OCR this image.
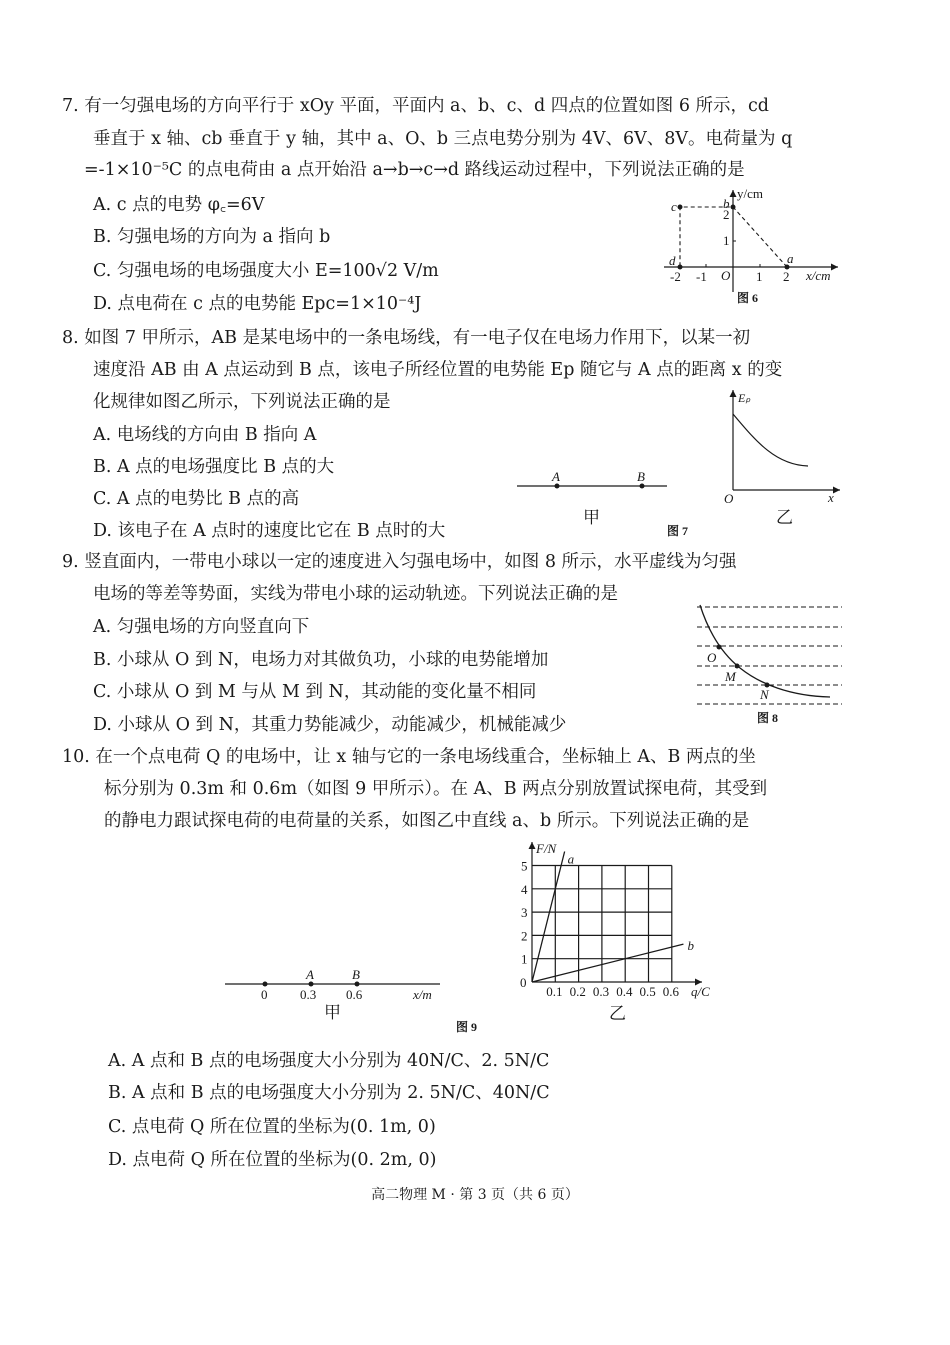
7. 有一匀强电场的方向平行于 xOy 平面，平面内 a、b、c、d 四点的位置如图 6 所示，cd
垂直于 x 轴、cb 垂直于 y 轴，其中 a、O、b 三点电势分别为 4V、6V、8V。电荷量为 q
=-1×10⁻⁵C 的点电荷由 a 点开始沿 a→b→c→d 路线运动过程中，下列说法正确的是
A. c 点的电势 φ꜀=6V
B. 匀强电场的方向为 a 指向 b
C. 匀强电场的电场强度大小 E=100√2 V/m
D. 点电荷在 c 点的电势能 Epc=1×10⁻⁴J
8. 如图 7 甲所示，AB 是某电场中的一条电场线，有一电子仅在电场力作用下，以某一初
速度沿 AB 由 A 点运动到 B 点，该电子所经位置的电势能 Ep 随它与 A 点的距离 x 的变
化规律如图乙所示，下列说法正确的是
A. 电场线的方向由 B 指向 A
B. A 点的电场强度比 B 点的大
C. A 点的电势比 B 点的高
D. 该电子在 A 点时的速度比它在 B 点时的大
9. 竖直面内，一带电小球以一定的速度进入匀强电场中，如图 8 所示，水平虚线为匀强
电场的等差等势面，实线为带电小球的运动轨迹。下列说法正确的是
A. 匀强电场的方向竖直向下
B. 小球从 O 到 N，电场力对其做负功，小球的电势能增加
C. 小球从 O 到 M 与从 M 到 N，其动能的变化量不相同
D. 小球从 O 到 N，其重力势能减少，动能减少，机械能减少
10. 在一个点电荷 Q 的电场中，让 x 轴与它的一条电场线重合，坐标轴上 A、B 两点的坐
标分别为 0.3m 和 0.6m（如图 9 甲所示）。在 A、B 两点分别放置试探电荷，其受到
的静电力跟试探电荷的电荷量的关系，如图乙中直线 a、b 所示。下列说法正确的是
A. A 点和 B 点的电场强度大小分别为 40N/C、2. 5N/C
B. A 点和 B 点的电场强度大小分别为 2. 5N/C、40N/C
C. 点电荷 Q 所在位置的坐标为(0. 1m, 0)
D. 点电荷 Q 所在位置的坐标为(0. 2m, 0)
高二物理 M · 第 3 页（共 6 页）
y/cm
x/cm
O
-2 -1	1 2
1
2
a
b
c
d
图 6
A	B
甲	乙
Eₚ
x
O
图 7
O
M
N
图 8
0	0.3 0.6	x/m
A	B
甲
图 9
乙
0.1 0.2 0.3 0.4 0.5 0.6
1
2
3
4
5
0
F/N
q/C
a
b
